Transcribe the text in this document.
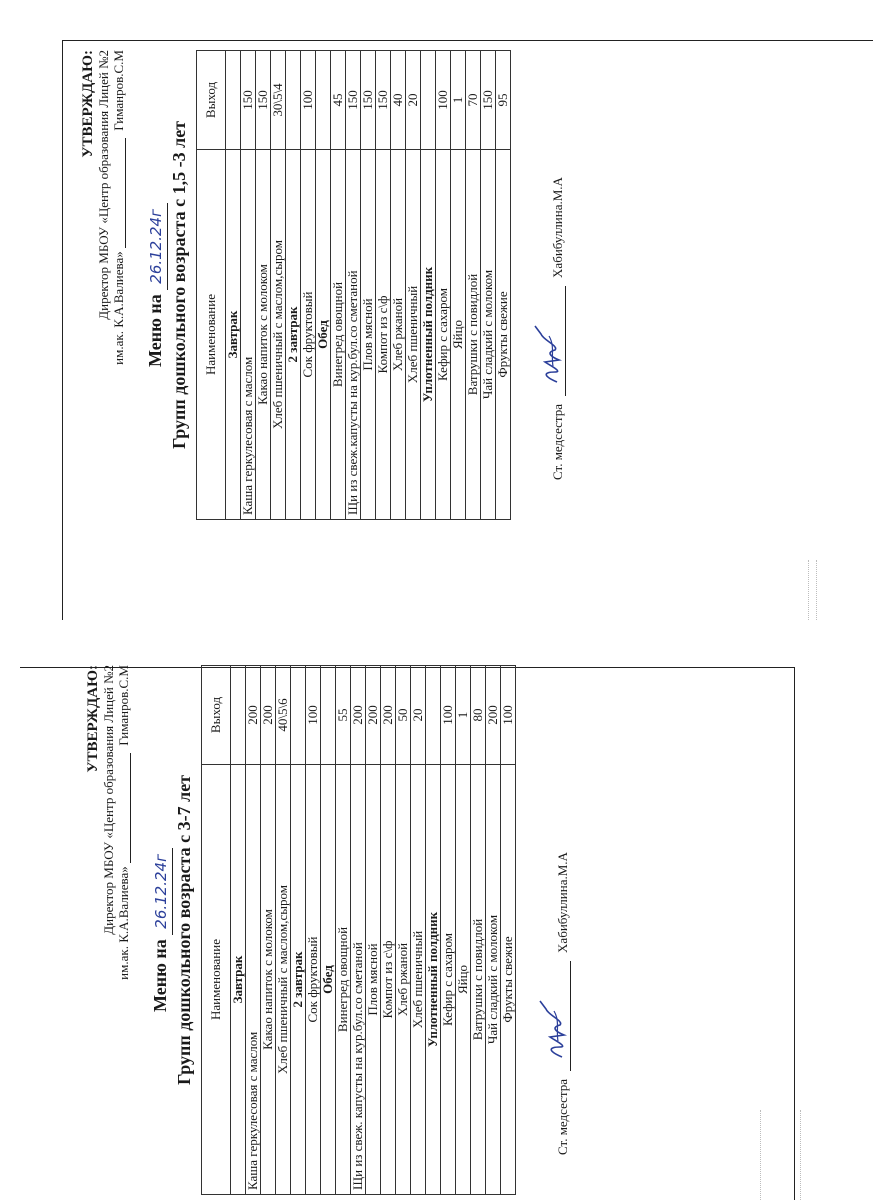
УТВЕРЖДАЮ: Директор МБОУ «Центр образования Лицей №2 им.ак. К.А.Валиева»  Гиманров.С.М
Меню на 26.12.24г Групп дошкольного возраста с 1,5 -3 лет Наименование	Выход
Завтрак	
Каша геркулесовая с маслом	150
Какао напиток с молоком	150
Хлеб пшеничный с маслом,сыром	30\5\4
2 завтрак	
Сок фруктовый	100
Обед	
Винегред овощной	45
Щи из свеж.капусты на кур.бул.со сметаной	150
Плов мясной	150
Компот из с\ф	150
Хлеб ржаной	40
Хлеб пшеничный	20
Уплотненный полдник	
Кефир с сахаром	100
Яйцо	1
Ватрушки с повидлой	70
Чай сладкий с молоком	150
Фрукты свежие	95
Ст. медсестра
Хабибуллина.М.А
УТВЕРЖДАЮ: Директор МБОУ «Центр образования Лицей №2 им.ак. К.А.Валиева»  Гиманров.С.М
Меню на 26.12.24г Групп дошкольного возраста с 3-7 лет Наименование	Выход
Завтрак	
Каша геркулесовая с маслом	200
Какао напиток с молоком	200
Хлеб пшеничный с маслом,сыром	40\5\6
2 завтрак	
Сок фруктовый	100
Обед	
Винегред овощной	55
Щи из свеж. капусты на кур.бул.со сметаной	200
Плов мясной	200
Компот из с\ф	200
Хлеб ржаной	50
Хлеб пшеничный	20
Уплотненный полдник	
Кефир с сахаром	100
Яйцо	1
Ватрушки с повидлой	80
Чай сладкий с молоком	200
Фрукты свежие	100
Ст. медсестра
Хабибуллина.М.А
